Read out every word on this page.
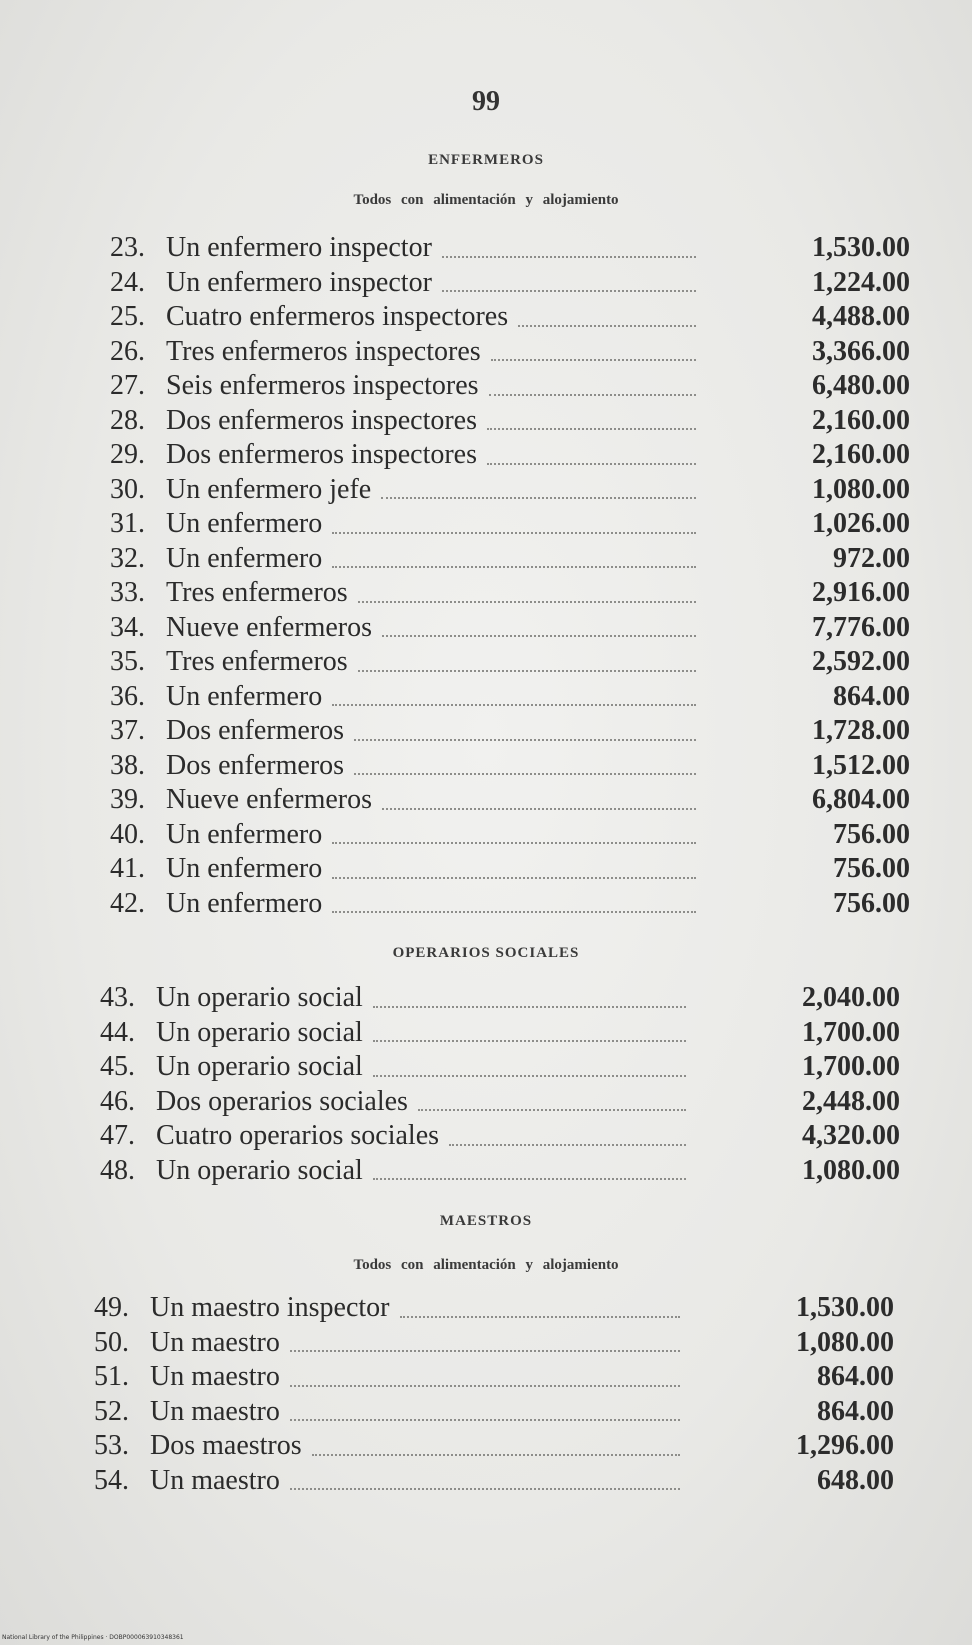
99
ENFERMEROS
Todos con alimentación y alojamiento
23. Un enfermero inspector	1,530.00
24. Un enfermero inspector	1,224.00
25. Cuatro enfermeros inspectores	4,488.00
26. Tres enfermeros inspectores	3,366.00
27. Seis enfermeros inspectores	6,480.00
28. Dos enfermeros inspectores	2,160.00
29. Dos enfermeros inspectores	2,160.00
30. Un enfermero jefe	1,080.00
31. Un enfermero	1,026.00
32. Un enfermero	972.00
33. Tres enfermeros	2,916.00
34. Nueve enfermeros	7,776.00
35. Tres enfermeros	2,592.00
36. Un enfermero	864.00
37. Dos enfermeros	1,728.00
38. Dos enfermeros	1,512.00
39. Nueve enfermeros	6,804.00
40. Un enfermero	756.00
41. Un enfermero	756.00
42. Un enfermero	756.00
OPERARIOS SOCIALES
43. Un operario social	2,040.00
44. Un operario social	1,700.00
45. Un operario social	1,700.00
46. Dos operarios sociales	2,448.00
47. Cuatro operarios sociales	4,320.00
48. Un operario social	1,080.00
MAESTROS
Todos con alimentación y alojamiento
49. Un maestro inspector	1,530.00
50. Un maestro	1,080.00
51. Un maestro	864.00
52. Un maestro	864.00
53. Dos maestros	1,296.00
54. Un maestro	648.00
National Library of the Philippines · DOBP000063910348361
